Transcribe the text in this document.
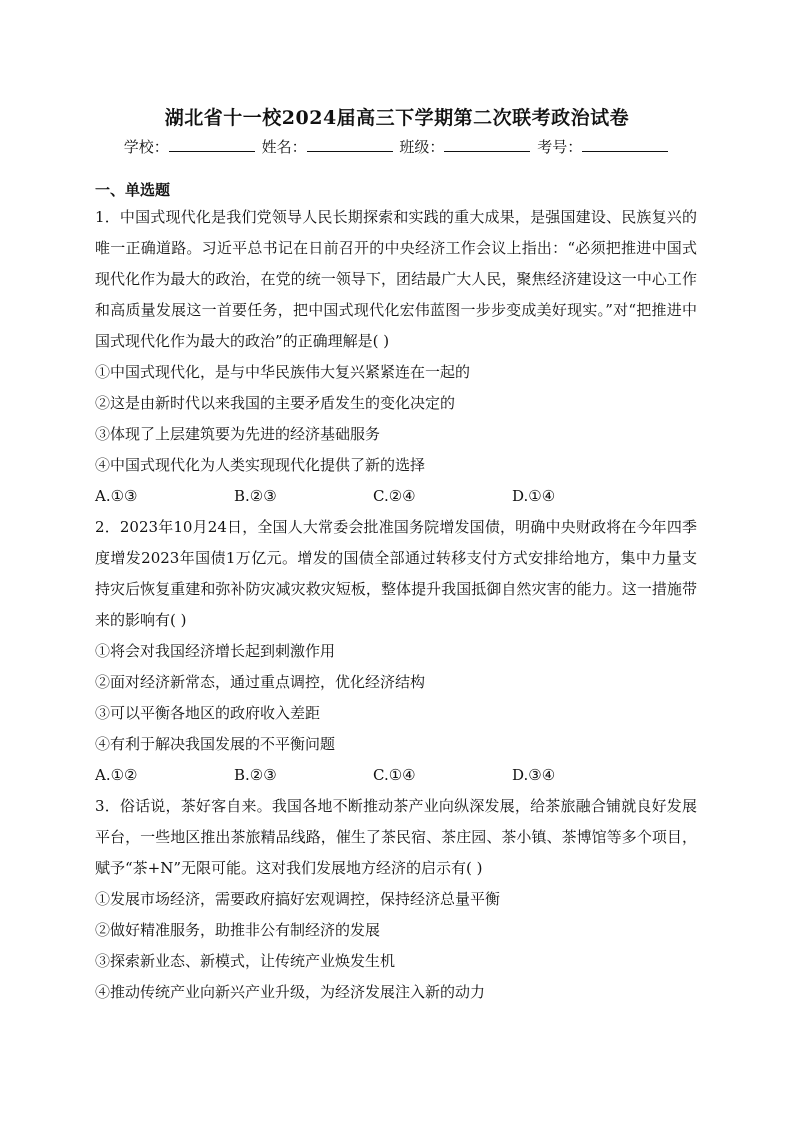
湖北省十一校2024届高三下学期第二次联考政治试卷
学校：	姓名：	班级：	考号：
一、单选题
1．中国式现代化是我们党领导人民长期探索和实践的重大成果，是强国建设、民族复兴的唯一正确道路。习近平总书记在日前召开的中央经济工作会议上指出：“必须把推进中国式现代化作为最大的政治，在党的统一领导下，团结最广大人民，聚焦经济建设这一中心工作和高质量发展这一首要任务，把中国式现代化宏伟蓝图一步步变成美好现实。”对“把推进中国式现代化作为最大的政治”的正确理解是( )
①中国式现代化，是与中华民族伟大复兴紧紧连在一起的
②这是由新时代以来我国的主要矛盾发生的变化决定的
③体现了上层建筑要为先进的经济基础服务
④中国式现代化为人类实现现代化提供了新的选择
A.①③	B.②③	C.②④	D.①④
2．2023年10月24日，全国人大常委会批准国务院增发国债，明确中央财政将在今年四季度增发2023年国债1万亿元。增发的国债全部通过转移支付方式安排给地方，集中力量支持灾后恢复重建和弥补防灾减灾救灾短板，整体提升我国抵御自然灾害的能力。这一措施带来的影响有( )
①将会对我国经济增长起到刺激作用
②面对经济新常态，通过重点调控，优化经济结构
③可以平衡各地区的政府收入差距
④有利于解决我国发展的不平衡问题
A.①②	B.②③	C.①④	D.③④
3．俗话说，茶好客自来。我国各地不断推动茶产业向纵深发展，给茶旅融合铺就良好发展平台，一些地区推出茶旅精品线路，催生了茶民宿、茶庄园、茶小镇、茶博馆等多个项目，赋予“茶+N”无限可能。这对我们发展地方经济的启示有( )
①发展市场经济，需要政府搞好宏观调控，保持经济总量平衡
②做好精准服务，助推非公有制经济的发展
③探索新业态、新模式，让传统产业焕发生机
④推动传统产业向新兴产业升级，为经济发展注入新的动力
